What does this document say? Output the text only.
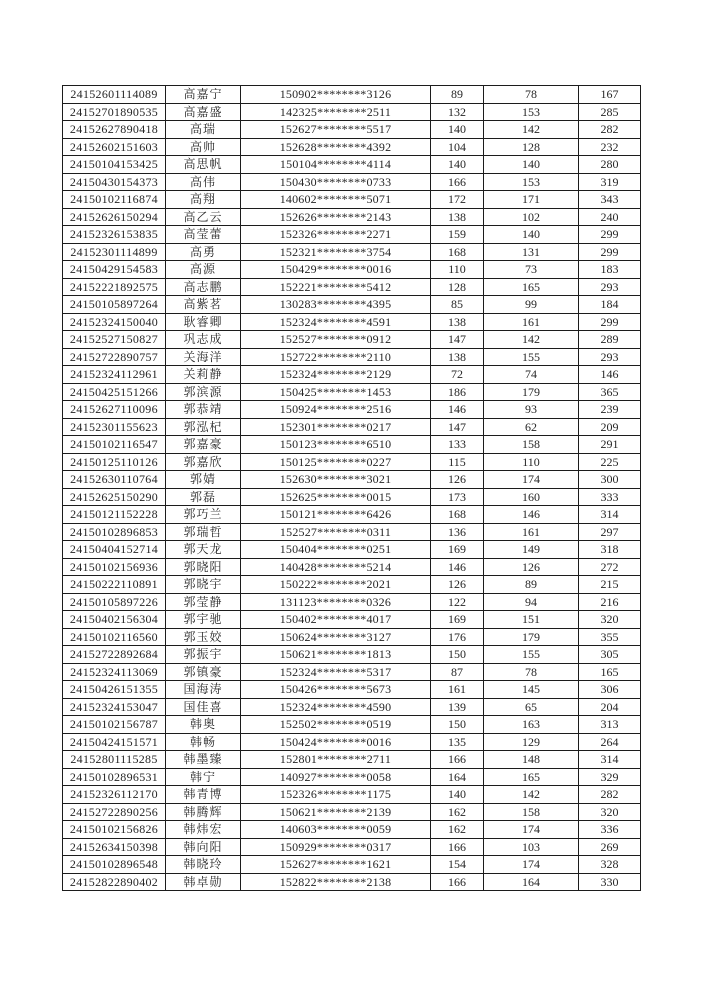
24152601114089	高嘉宁	150902********3126	89	78	167
24152701890535	高嘉盛	142325********2511	132	153	285
24152627890418	高瑞	152627********5517	140	142	282
24152602151603	高帅	152628********4392	104	128	232
24150104153425	高思帆	150104********4114	140	140	280
24150430154373	高伟	150430********0733	166	153	319
24150102116874	高翔	140602********5071	172	171	343
24152626150294	高乙云	152626********2143	138	102	240
24152326153835	高莹蕾	152326********2271	159	140	299
24152301114899	高勇	152321********3754	168	131	299
24150429154583	高源	150429********0016	110	73	183
24152221892575	高志鹏	152221********5412	128	165	293
24150105897264	高紫茗	130283********4395	85	99	184
24152324150040	耿睿卿	152324********4591	138	161	299
24152527150827	巩志成	152527********0912	147	142	289
24152722890757	关海洋	152722********2110	138	155	293
24152324112961	关莉静	152324********2129	72	74	146
24150425151266	郭滨源	150425********1453	186	179	365
24152627110096	郭恭靖	150924********2516	146	93	239
24152301155623	郭泓杞	152301********0217	147	62	209
24150102116547	郭嘉豪	150123********6510	133	158	291
24150125110126	郭嘉欣	150125********0227	115	110	225
24152630110764	郭婧	152630********3021	126	174	300
24152625150290	郭磊	152625********0015	173	160	333
24150121152228	郭巧兰	150121********6426	168	146	314
24150102896853	郭瑞哲	152527********0311	136	161	297
24150404152714	郭天龙	150404********0251	169	149	318
24150102156936	郭晓阳	140428********5214	146	126	272
24150222110891	郭晓宇	150222********2021	126	89	215
24150105897226	郭莹静	131123********0326	122	94	216
24150402156304	郭宇驰	150402********4017	169	151	320
24150102116560	郭玉姣	150624********3127	176	179	355
24152722892684	郭振宇	150621********1813	150	155	305
24152324113069	郭镇豪	152324********5317	87	78	165
24150426151355	国海涛	150426********5673	161	145	306
24152324153047	国佳喜	152324********4590	139	65	204
24150102156787	韩奥	152502********0519	150	163	313
24150424151571	韩畅	150424********0016	135	129	264
24152801115285	韩墨臻	152801********2711	166	148	314
24150102896531	韩宁	140927********0058	164	165	329
24152326112170	韩青博	152326********1175	140	142	282
24152722890256	韩腾辉	150621********2139	162	158	320
24150102156826	韩炜宏	140603********0059	162	174	336
24152634150398	韩向阳	150929********0317	166	103	269
24150102896548	韩晓玲	152627********1621	154	174	328
24152822890402	韩卓勋	152822********2138	166	164	330
